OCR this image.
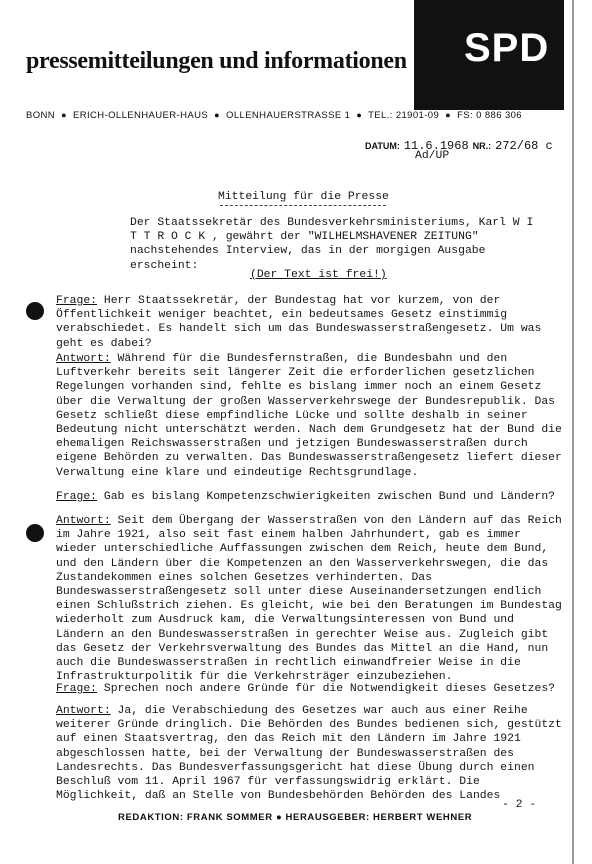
SPD
pressemitteilungen und informationen
BONN ● ERICH-OLLENHAUER-HAUS ● OLLENHAUERSTRASSE 1 ● TEL.: 21901-09 ● FS: 0 886 306
DATUM: 11.6.1968 NR.: 272/68 c
Ad/UP
Mitteilung für die Presse
Der Staatssekretär des Bundesverkehrsministeriums, Karl W I T T R O C K , gewährt der "WILHELMSHAVENER ZEITUNG" nachstehendes Interview, das in der morgigen Ausgabe erscheint:
(Der Text ist frei!)
Frage: Herr Staatssekretär, der Bundestag hat vor kurzem, von der Öffentlichkeit weniger beachtet, ein bedeutsames Gesetz einstimmig verabschiedet. Es handelt sich um das Bundeswasserstraßengesetz. Um was geht es dabei?
Antwort: Während für die Bundesfernstraßen, die Bundesbahn und den Luftverkehr bereits seit längerer Zeit die erforderlichen gesetzlichen Regelungen vorhanden sind, fehlte es bislang immer noch an einem Gesetz über die Verwaltung der großen Wasserverkehrswege der Bundesrepublik. Das Gesetz schließt diese empfindliche Lücke und sollte deshalb in seiner Bedeutung nicht unterschätzt werden. Nach dem Grundgesetz hat der Bund die ehemaligen Reichswasserstraßen und jetzigen Bundeswasserstraßen durch eigene Behörden zu verwalten. Das Bundeswasserstraßengesetz liefert dieser Verwaltung eine klare und eindeutige Rechtsgrundlage.
Frage: Gab es bislang Kompetenzschwierigkeiten zwischen Bund und Ländern?
Antwort: Seit dem Übergang der Wasserstraßen von den Ländern auf das Reich im Jahre 1921, also seit fast einem halben Jahrhundert, gab es immer wieder unterschiedliche Auffassungen zwischen dem Reich, heute dem Bund, und den Ländern über die Kompetenzen an den Wasserverkehrswegen, die das Zustandekommen eines solchen Gesetzes verhinderten. Das Bundeswasserstraßengesetz soll unter diese Auseinandersetzungen endlich einen Schlußstrich ziehen. Es gleicht, wie bei den Beratungen im Bundestag wiederholt zum Ausdruck kam, die Verwaltungsinteressen von Bund und Ländern an den Bundeswasserstraßen in gerechter Weise aus. Zugleich gibt das Gesetz der Verkehrsverwaltung des Bundes das Mittel an die Hand, nun auch die Bundeswasserstraßen in rechtlich einwandfreier Weise in die Infrastrukturpolitik für die Verkehrsträger einzubeziehen.
Frage: Sprechen noch andere Gründe für die Notwendigkeit dieses Gesetzes?
Antwort: Ja, die Verabschiedung des Gesetzes war auch aus einer Reihe weiterer Gründe dringlich. Die Behörden des Bundes bedienen sich, gestützt auf einen Staatsvertrag, den das Reich mit den Ländern im Jahre 1921 abgeschlossen hatte, bei der Verwaltung der Bundeswasserstraßen des Landesrechts. Das Bundesverfassungsgericht hat diese Übung durch einen Beschluß vom 11. April 1967 für verfassungswidrig erklärt. Die Möglichkeit, daß an Stelle von Bundesbehörden Behörden des Landes
- 2 -
REDAKTION: FRANK SOMMER ● HERAUSGEBER: HERBERT WEHNER
